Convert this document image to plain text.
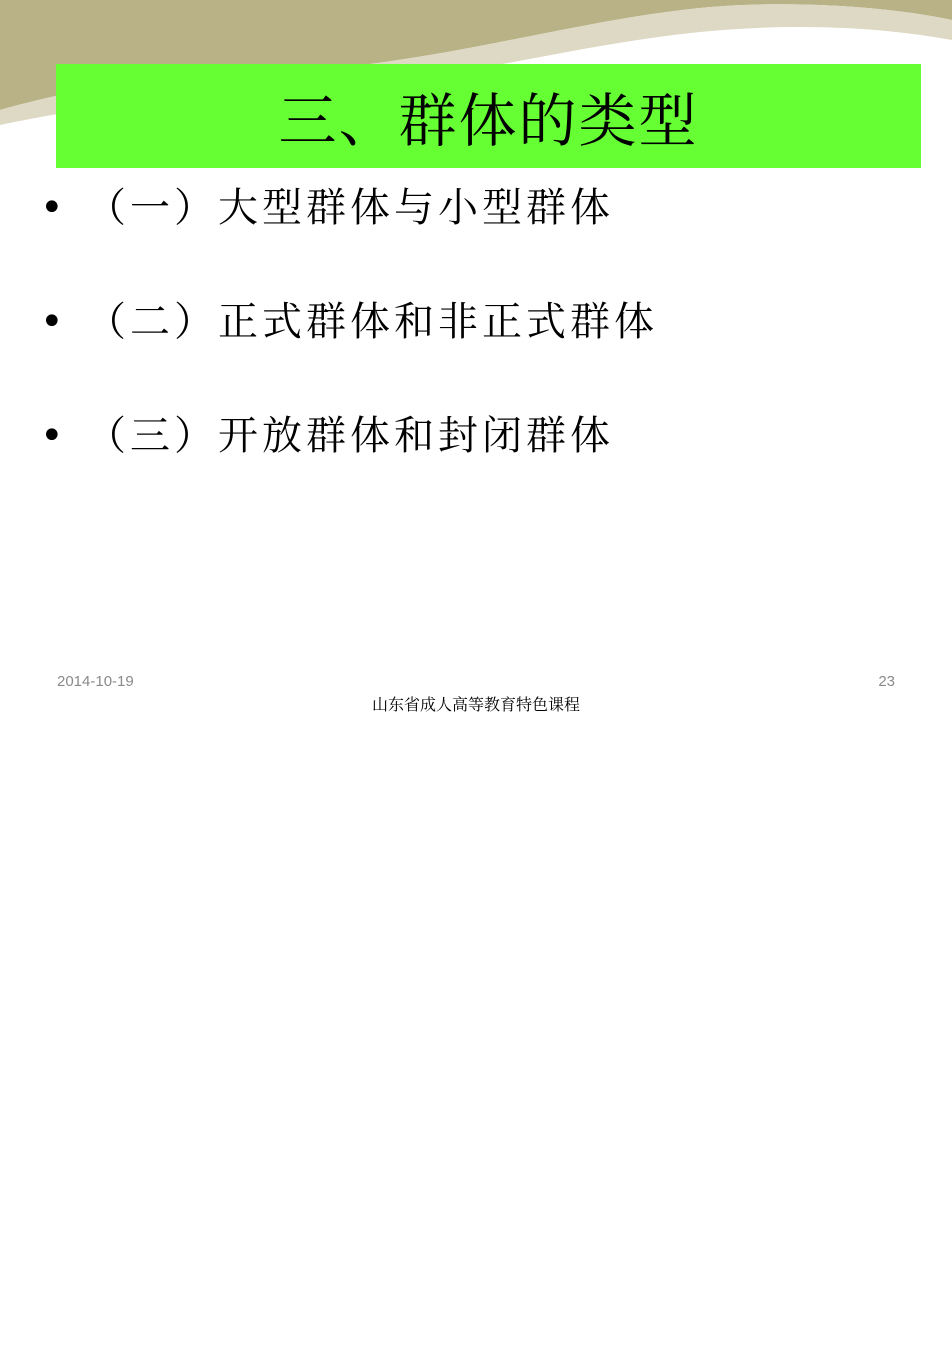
三、群体的类型
• （一）大型群体与小型群体
• （二）正式群体和非正式群体
• （三）开放群体和封闭群体
2014-10-19	23
山东省成人高等教育特色课程
